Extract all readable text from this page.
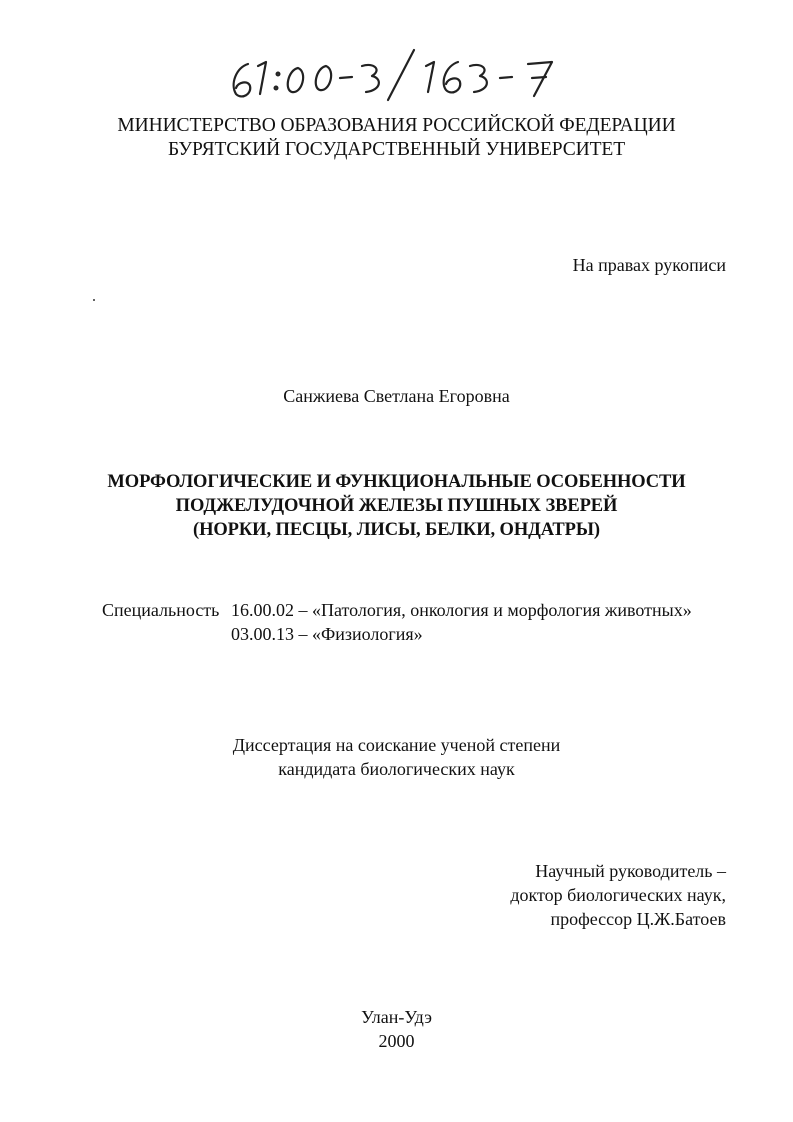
МИНИСТЕРСТВО ОБРАЗОВАНИЯ РОССИЙСКОЙ ФЕДЕРАЦИИ
БУРЯТСКИЙ ГОСУДАРСТВЕННЫЙ УНИВЕРСИТЕТ
На правах рукописи
Санжиева Светлана Егоровна
МОРФОЛОГИЧЕСКИЕ И ФУНКЦИОНАЛЬНЫЕ ОСОБЕННОСТИ
ПОДЖЕЛУДОЧНОЙ ЖЕЛЕЗЫ ПУШНЫХ ЗВЕРЕЙ
(НОРКИ, ПЕСЦЫ, ЛИСЫ, БЕЛКИ, ОНДАТРЫ)
Специальность 16.00.02 – «Патология, онкология и морфология животных»
03.00.13 – «Физиология»
Диссертация на соискание ученой степени
кандидата биологических наук
Научный руководитель –
доктор биологических наук,
профессор Ц.Ж.Батоев
Улан-Удэ
2000
